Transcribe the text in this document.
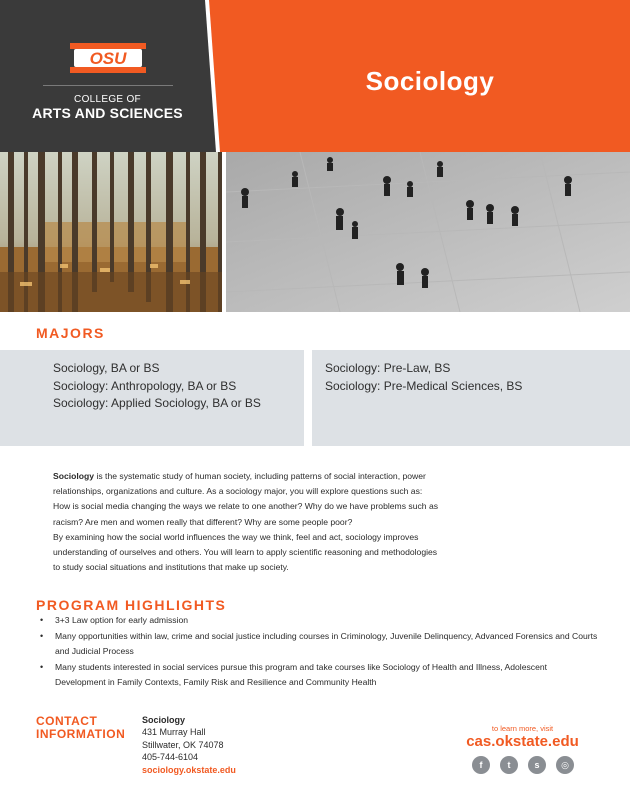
OSU
COLLEGE OF
ARTS AND SCIENCES
Sociology
MAJORS
Sociology, BA or BS
Sociology: Anthropology, BA or BS
Sociology: Applied Sociology, BA or BS
Sociology: Pre-Law, BS
Sociology: Pre-Medical Sciences, BS

Sociology is the systematic study of human society, including patterns of social interaction, power
relationships, organizations and culture. As a sociology major, you will explore questions such as:
How is social media changing the ways we relate to one another? Why do we have problems such as
racism? Are men and women really that different? Why are some people poor?
By examining how the social world influences the way we think, feel and act, sociology improves
understanding of ourselves and others. You will learn to apply scientific reasoning and methodologies
to study social situations and institutions that make up society.

PROGRAM HIGHLIGHTS
• 3+3 Law option for early admission
• Many opportunities within law, crime and social justice including courses in Criminology, Juvenile Delinquency, Advanced Forensics and Courts and Judicial Process
• Many students interested in social services pursue this program and take courses like Sociology of Health and Illness, Adolescent Development in Family Contexts, Family Risk and Resilience and Community Health
CONTACT
INFORMATION
Sociology
431 Murray Hall
Stillwater, OK 74078
405-744-6104
sociology.okstate.edu
to learn more, visit
cas.okstate.edu
f	t	s	◎
